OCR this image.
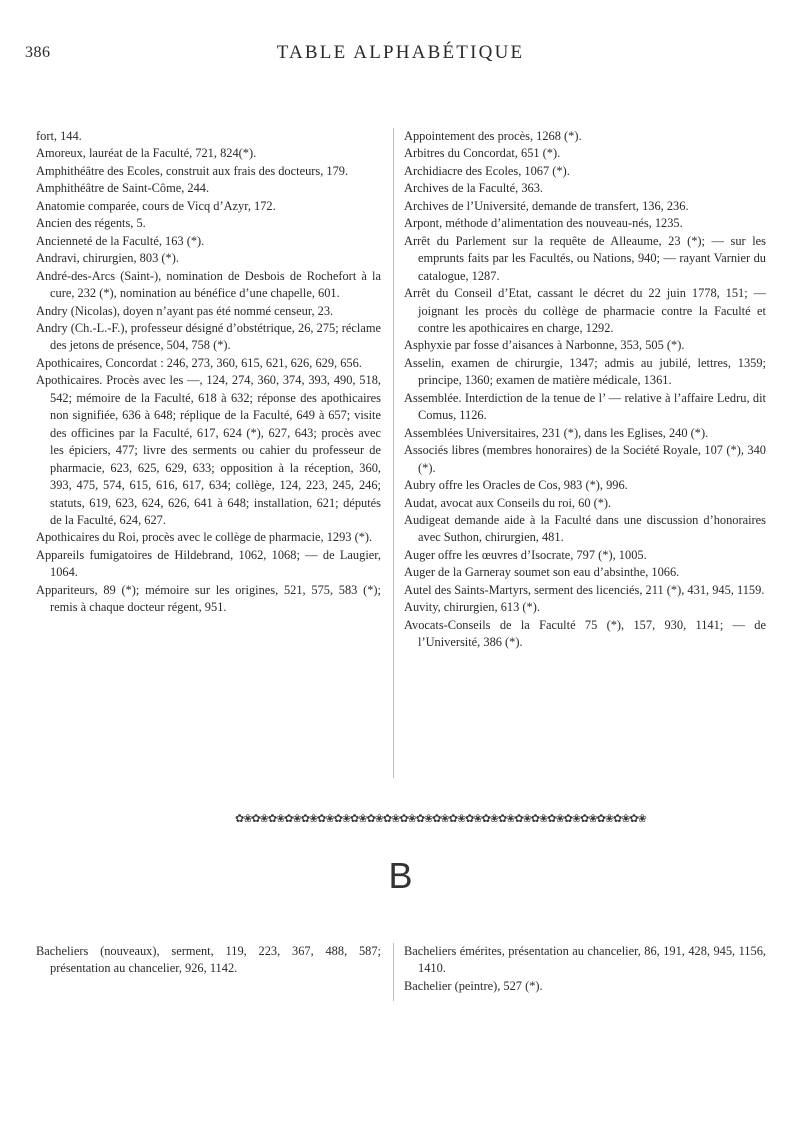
386	TABLE ALPHABÉTIQUE

fort, 144.

Amoreux, lauréat de la Faculté, 721, 824(*).

Amphithéâtre des Ecoles, construit aux frais des docteurs, 179.

Amphithéâtre de Saint-Côme, 244.

Anatomie comparée, cours de Vicq d’Azyr, 172.

Ancien des régents, 5.

Ancienneté de la Faculté, 163 (*).

Andravi, chirurgien, 803 (*).

André-des-Arcs (Saint-), nomination de Desbois de Rochefort à la cure, 232 (*), nomination au bénéfice d’une chapelle, 601.

Andry (Nicolas), doyen n’ayant pas été nommé censeur, 23.

Andry (Ch.-L.-F.), professeur désigné d’obstétrique, 26, 275; réclame des jetons de présence, 504, 758 (*).

Apothicaires, Concordat : 246, 273, 360, 615, 621, 626, 629, 656.

Apothicaires. Procès avec les —, 124, 274, 360, 374, 393, 490, 518, 542; mémoire de la Faculté, 618 à 632; réponse des apothicaires non signifiée, 636 à 648; réplique de la Faculté, 649 à 657; visite des officines par la Faculté, 617, 624 (*), 627, 643; procès avec les épiciers, 477; livre des serments ou cahier du professeur de pharmacie, 623, 625, 629, 633; opposition à la réception, 360, 393, 475, 574, 615, 616, 617, 634; collège, 124, 223, 245, 246; statuts, 619, 623, 624, 626, 641 à 648; installation, 621; députés de la Faculté, 624, 627.

Apothicaires du Roi, procès avec le collège de pharmacie, 1293 (*).

Appareils fumigatoires de Hildebrand, 1062, 1068; — de Laugier, 1064.

Appariteurs, 89 (*); mémoire sur les origines, 521, 575, 583 (*); remis à chaque docteur régent, 951.

Appointement des procès, 1268 (*).

Arbitres du Concordat, 651 (*).

Archidiacre des Ecoles, 1067 (*).

Archives de la Faculté, 363.

Archives de l’Université, demande de transfert, 136, 236.

Arpont, méthode d’alimentation des nouveau-nés, 1235.

Arrêt du Parlement sur la requête de Alleaume, 23 (*); — sur les emprunts faits par les Facultés, ou Nations, 940; — rayant Varnier du catalogue, 1287.

Arrêt du Conseil d’Etat, cassant le décret du 22 juin 1778, 151; — joignant les procès du collège de pharmacie contre la Faculté et contre les apothicaires en charge, 1292.

Asphyxie par fosse d’aisances à Narbonne, 353, 505 (*).

Asselin, examen de chirurgie, 1347; admis au jubilé, lettres, 1359; principe, 1360; examen de matière médicale, 1361.

Assemblée. Interdiction de la tenue de l’ — relative à l’affaire Ledru, dit Comus, 1126.

Assemblées Universitaires, 231 (*), dans les Eglises, 240 (*).

Associés libres (membres honoraires) de la Société Royale, 107 (*), 340 (*).

Aubry offre les Oracles de Cos, 983 (*), 996.

Audat, avocat aux Conseils du roi, 60 (*).

Audigeat demande aide à la Faculté dans une discussion d’honoraires avec Suthon, chirurgien, 481.

Auger offre les œuvres d’Isocrate, 797 (*), 1005.

Auger de la Garneray soumet son eau d’absinthe, 1066.

Autel des Saints-Martyrs, serment des licenciés, 211 (*), 431, 945, 1159.

Auvity, chirurgien, 613 (*).

Avocats-Conseils de la Faculté 75 (*), 157, 930, 1141; — de l’Université, 386 (*).

✿❀✿❀✿❀✿❀✿❀✿❀✿❀✿❀✿❀✿❀✿❀✿❀✿❀✿❀✿❀✿❀✿❀✿❀✿❀✿❀✿❀✿❀✿❀✿❀✿❀
B

Bacheliers (nouveaux), serment, 119, 223, 367, 488, 587; présentation au chancelier, 926, 1142.

Bacheliers émérites, présentation au chancelier, 86, 191, 428, 945, 1156, 1410.

Bachelier (peintre), 527 (*).
